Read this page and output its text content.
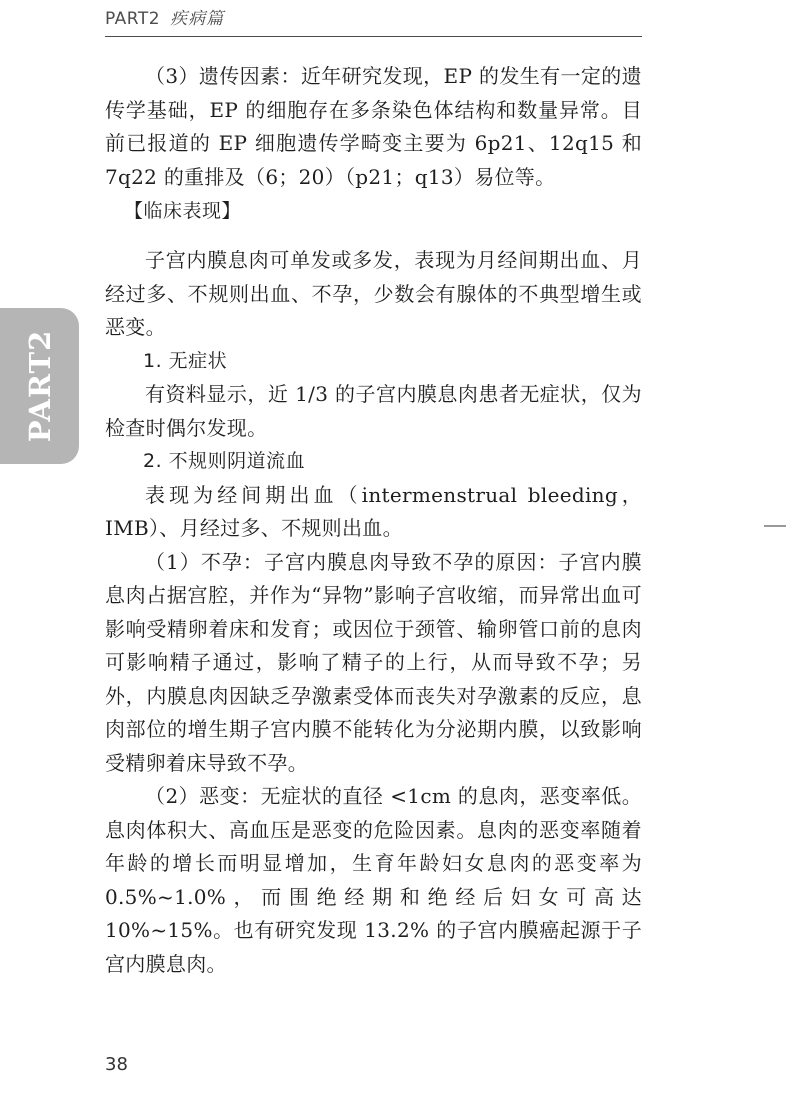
PART2 疾病篇
PART2

（3）遗传因素：近年研究发现，EP 的发生有一定的遗传学基础，EP 的细胞存在多条染色体结构和数量异常。目前已报道的 EP 细胞遗传学畸变主要为 6p21、12q15 和 7q22 的重排及（6；20）（p21；q13）易位等。

【临床表现】

子宫内膜息肉可单发或多发，表现为月经间期出血、月经过多、不规则出血、不孕，少数会有腺体的不典型增生或恶变。

1. 无症状

有资料显示，近 1/3 的子宫内膜息肉患者无症状，仅为检查时偶尔发现。

2. 不规则阴道流血

表现为经间期出血（intermenstrual bleeding，IMB）、月经过多、不规则出血。

（1）不孕：子宫内膜息肉导致不孕的原因：子宫内膜息肉占据宫腔，并作为“异物”影响子宫收缩，而异常出血可影响受精卵着床和发育；或因位于颈管、输卵管口前的息肉可影响精子通过，影响了精子的上行，从而导致不孕；另外，内膜息肉因缺乏孕激素受体而丧失对孕激素的反应，息肉部位的增生期子宫内膜不能转化为分泌期内膜，以致影响受精卵着床导致不孕。

（2）恶变：无症状的直径 <1cm 的息肉，恶变率低。息肉体积大、高血压是恶变的危险因素。息肉的恶变率随着年龄的增长而明显增加，生育年龄妇女息肉的恶变率为 0.5%~1.0%，而围绝经期和绝经后妇女可高达 10%~15%。也有研究发现 13.2% 的子宫内膜癌起源于子宫内膜息肉。

38
